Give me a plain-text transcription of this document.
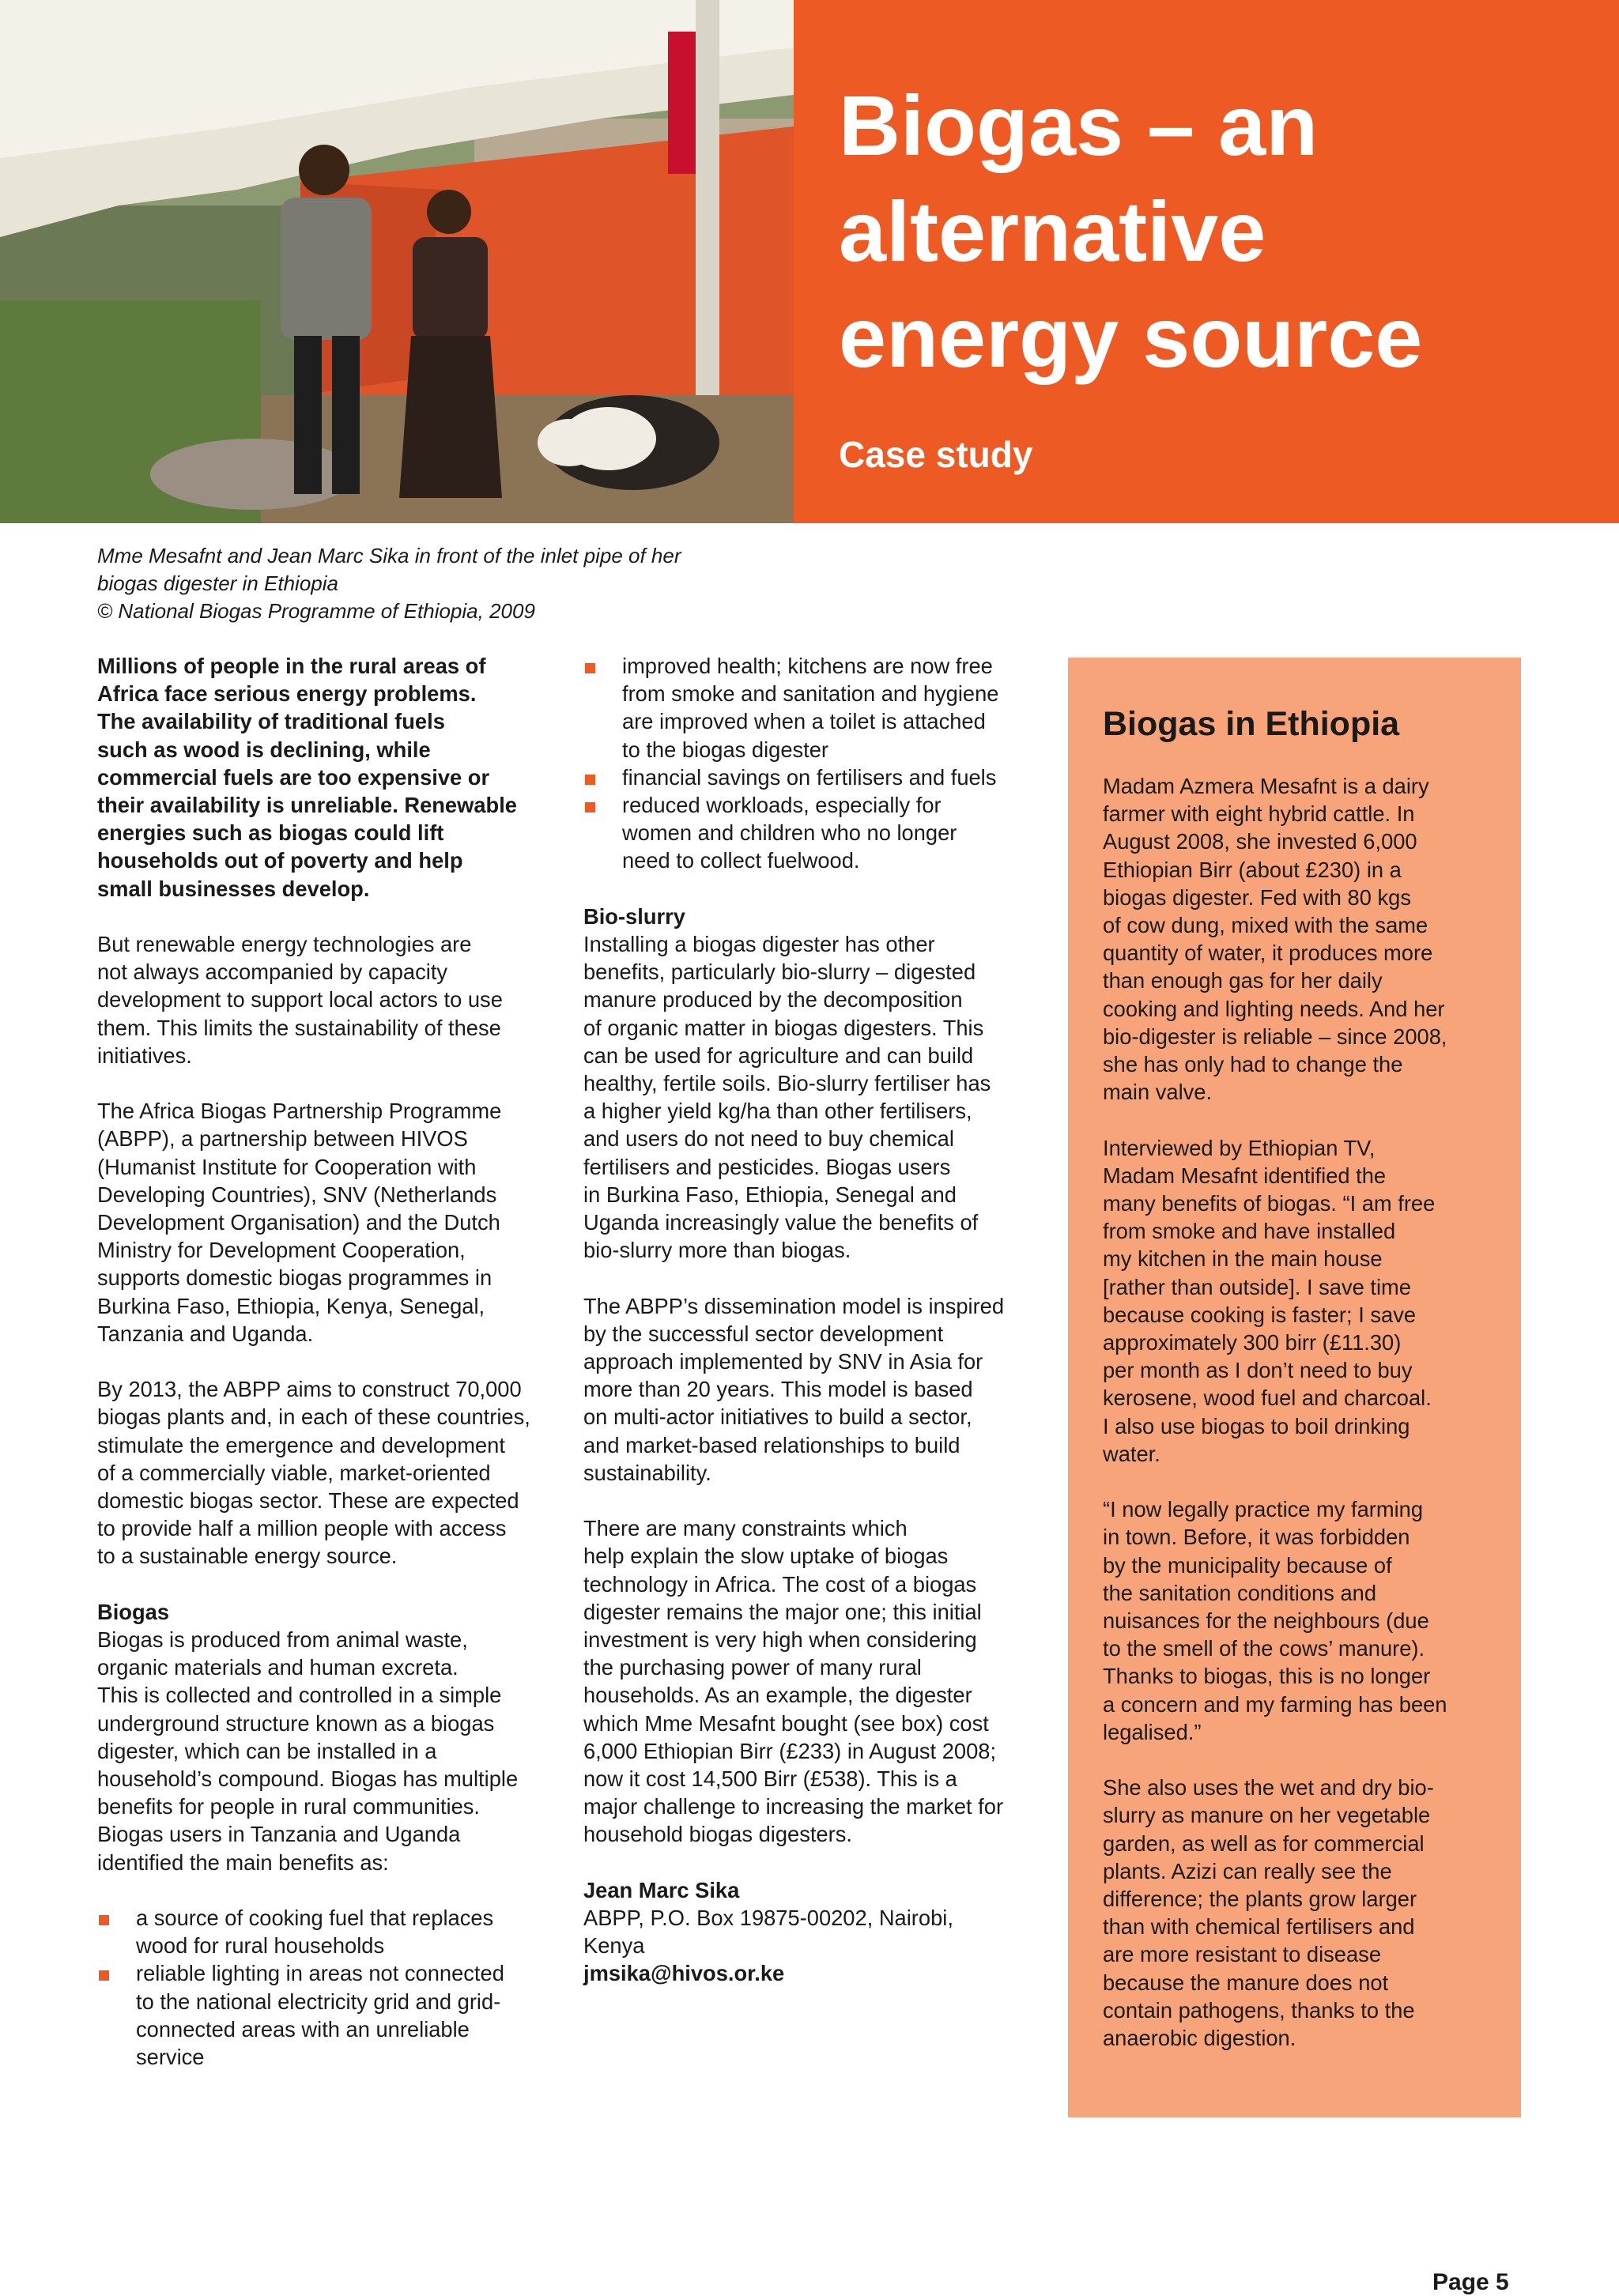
Biogas – an
alternative
energy source
Case study
Mme Mesafnt and Jean Marc Sika in front of the inlet pipe of her
biogas digester in Ethiopia
© National Biogas Programme of Ethiopia, 2009

Millions of people in the rural areas of
Africa face serious energy problems.
The availability of traditional fuels
such as wood is declining, while
commercial fuels are too expensive or
their availability is unreliable. Renewable
energies such as biogas could lift
households out of poverty and help
small businesses develop.

But renewable energy technologies are
not always accompanied by capacity
development to support local actors to use
them. This limits the sustainability of these
initiatives.

The Africa Biogas Partnership Programme
(ABPP), a partnership between HIVOS
(Humanist Institute for Cooperation with
Developing Countries), SNV (Netherlands
Development Organisation) and the Dutch
Ministry for Development Cooperation,
supports domestic biogas programmes in
Burkina Faso, Ethiopia, Kenya, Senegal,
Tanzania and Uganda.

By 2013, the ABPP aims to construct 70,000
biogas plants and, in each of these countries,
stimulate the emergence and development
of a commercially viable, market-oriented
domestic biogas sector. These are expected
to provide half a million people with access
to a sustainable energy source.

Biogas
Biogas is produced from animal waste,
organic materials and human excreta.
This is collected and controlled in a simple
underground structure known as a biogas
digester, which can be installed in a
household’s compound. Biogas has multiple
benefits for people in rural communities.
Biogas users in Tanzania and Uganda
identified the main benefits as:

a source of cooking fuel that replaces
wood for rural households
reliable lighting in areas not connected
to the national electricity grid and grid-
connected areas with an unreliable
service
improved health; kitchens are now free
from smoke and sanitation and hygiene
are improved when a toilet is attached
to the biogas digester
financial savings on fertilisers and fuels
reduced workloads, especially for
women and children who no longer
need to collect fuelwood.

Bio-slurry
Installing a biogas digester has other
benefits, particularly bio-slurry – digested
manure produced by the decomposition
of organic matter in biogas digesters. This
can be used for agriculture and can build
healthy, fertile soils. Bio-slurry fertiliser has
a higher yield kg/ha than other fertilisers,
and users do not need to buy chemical
fertilisers and pesticides. Biogas users
in Burkina Faso, Ethiopia, Senegal and
Uganda increasingly value the benefits of
bio-slurry more than biogas.

The ABPP’s dissemination model is inspired
by the successful sector development
approach implemented by SNV in Asia for
more than 20 years. This model is based
on multi-actor initiatives to build a sector,
and market-based relationships to build
sustainability.

There are many constraints which
help explain the slow uptake of biogas
technology in Africa. The cost of a biogas
digester remains the major one; this initial
investment is very high when considering
the purchasing power of many rural
households. As an example, the digester
which Mme Mesafnt bought (see box) cost
6,000 Ethiopian Birr (£233) in August 2008;
now it cost 14,500 Birr (£538). This is a
major challenge to increasing the market for
household biogas digesters.

Jean Marc Sika
ABPP, P.O. Box 19875-00202, Nairobi,
Kenya
jmsika@hivos.or.ke

Biogas in Ethiopia

Madam Azmera Mesafnt is a dairy
farmer with eight hybrid cattle. In
August 2008, she invested 6,000
Ethiopian Birr (about £230) in a
biogas digester. Fed with 80 kgs
of cow dung, mixed with the same
quantity of water, it produces more
than enough gas for her daily
cooking and lighting needs. And her
bio-digester is reliable – since 2008,
she has only had to change the
main valve.

Interviewed by Ethiopian TV,
Madam Mesafnt identified the
many benefits of biogas. “I am free
from smoke and have installed
my kitchen in the main house
[rather than outside]. I save time
because cooking is faster; I save
approximately 300 birr (£11.30)
per month as I don’t need to buy
kerosene, wood fuel and charcoal.
I also use biogas to boil drinking
water.

“I now legally practice my farming
in town. Before, it was forbidden
by the municipality because of
the sanitation conditions and
nuisances for the neighbours (due
to the smell of the cows’ manure).
Thanks to biogas, this is no longer
a concern and my farming has been
legalised.”

She also uses the wet and dry bio-
slurry as manure on her vegetable
garden, as well as for commercial
plants. Azizi can really see the
difference; the plants grow larger
than with chemical fertilisers and
are more resistant to disease
because the manure does not
contain pathogens, thanks to the
anaerobic digestion.

Page 5
